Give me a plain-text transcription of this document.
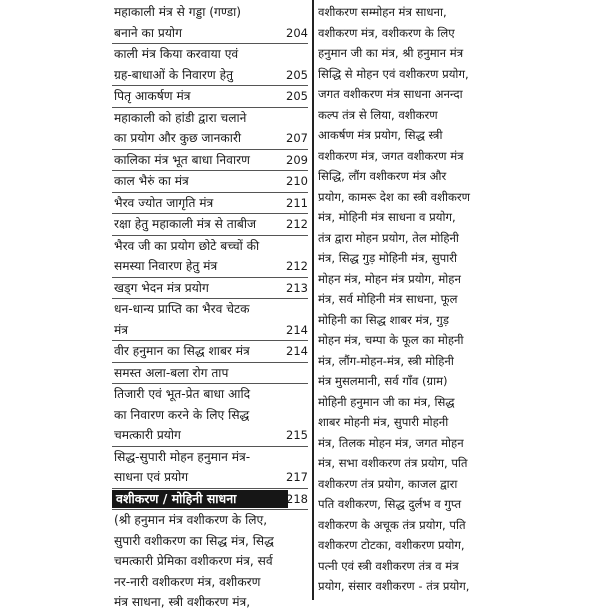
महाकाली मंत्र से गड्डा (गण्डा)
बनाने का प्रयोग	204
काली मंत्र किया करवाया एवं
ग्रह-बाधाओं के निवारण हेतु	205
पितृ आकर्षण मंत्र	205
महाकाली को हांडी द्वारा चलाने
का प्रयोग और कुछ जानकारी	207
कालिका मंत्र भूत बाधा निवारण	209
काल भैरुं का मंत्र	210
भैरव ज्योत जागृति मंत्र	211
रक्षा हेतु महाकाली मंत्र से ताबीज	212
भैरव जी का प्रयोग छोटे बच्चों की
समस्या निवारण हेतु मंत्र	212
खड्ग भेदन मंत्र प्रयोग	213
धन-धान्य प्राप्ति का भैरव चेटक
मंत्र	214
वीर हनुमान का सिद्ध शाबर मंत्र	214
समस्त अला-बला रोग ताप
तिजारी एवं भूत-प्रेत बाधा आदि
का निवारण करने के लिए सिद्ध
चमत्कारी प्रयोग	215
सिद्ध-सुपारी मोहन हनुमान मंत्र-
साधना एवं प्रयोग	217
वशीकरण / मोहिनी साधना	218
(श्री हनुमान मंत्र वशीकरण के लिए,
सुपारी वशीकरण का सिद्ध मंत्र, सिद्ध
चमत्कारी प्रेमिका वशीकरण मंत्र, सर्व
नर-नारी वशीकरण मंत्र, वशीकरण
मंत्र साधना, स्त्री वशीकरण मंत्र,
वशीकरण सम्मोहन मंत्र साधना,
वशीकरण मंत्र, वशीकरण के लिए
हनुमान जी का मंत्र, श्री हनुमान मंत्र
सिद्धि से मोहन एवं वशीकरण प्रयोग,
जगत वशीकरण मंत्र साधना अनन्दा
कल्प तंत्र से लिया, वशीकरण
आकर्षण मंत्र प्रयोग, सिद्ध स्त्री
वशीकरण मंत्र, जगत वशीकरण मंत्र
सिद्धि, लौंग वशीकरण मंत्र और
प्रयोग, कामरू देश का स्त्री वशीकरण
मंत्र, मोहिनी मंत्र साधना व प्रयोग,
तंत्र द्वारा मोहन प्रयोग, तेल मोहिनी
मंत्र, सिद्ध गुड़ मोहिनी मंत्र, सुपारी
मोहन मंत्र, मोहन मंत्र प्रयोग, मोहन
मंत्र, सर्व मोहिनी मंत्र साधना, फूल
मोहिनी का सिद्ध शाबर मंत्र, गुड़
मोहन मंत्र, चम्पा के फूल का मोहनी
मंत्र, लौंग-मोहन-मंत्र, स्त्री मोहिनी
मंत्र मुसलमानी, सर्व गाँव (ग्राम)
मोहिनी हनुमान जी का मंत्र, सिद्ध
शाबर मोहनी मंत्र, सुपारी मोहनी
मंत्र, तिलक मोहन मंत्र, जगत मोहन
मंत्र, सभा वशीकरण तंत्र प्रयोग, पति
वशीकरण तंत्र प्रयोग, काजल द्वारा
पति वशीकरण, सिद्ध दुर्लभ व गुप्त
वशीकरण के अचूक तंत्र प्रयोग, पति
वशीकरण टोटका, वशीकरण प्रयोग,
पत्नी एवं स्त्री वशीकरण तंत्र व मंत्र
प्रयोग, संसार वशीकरण - तंत्र प्रयोग,
